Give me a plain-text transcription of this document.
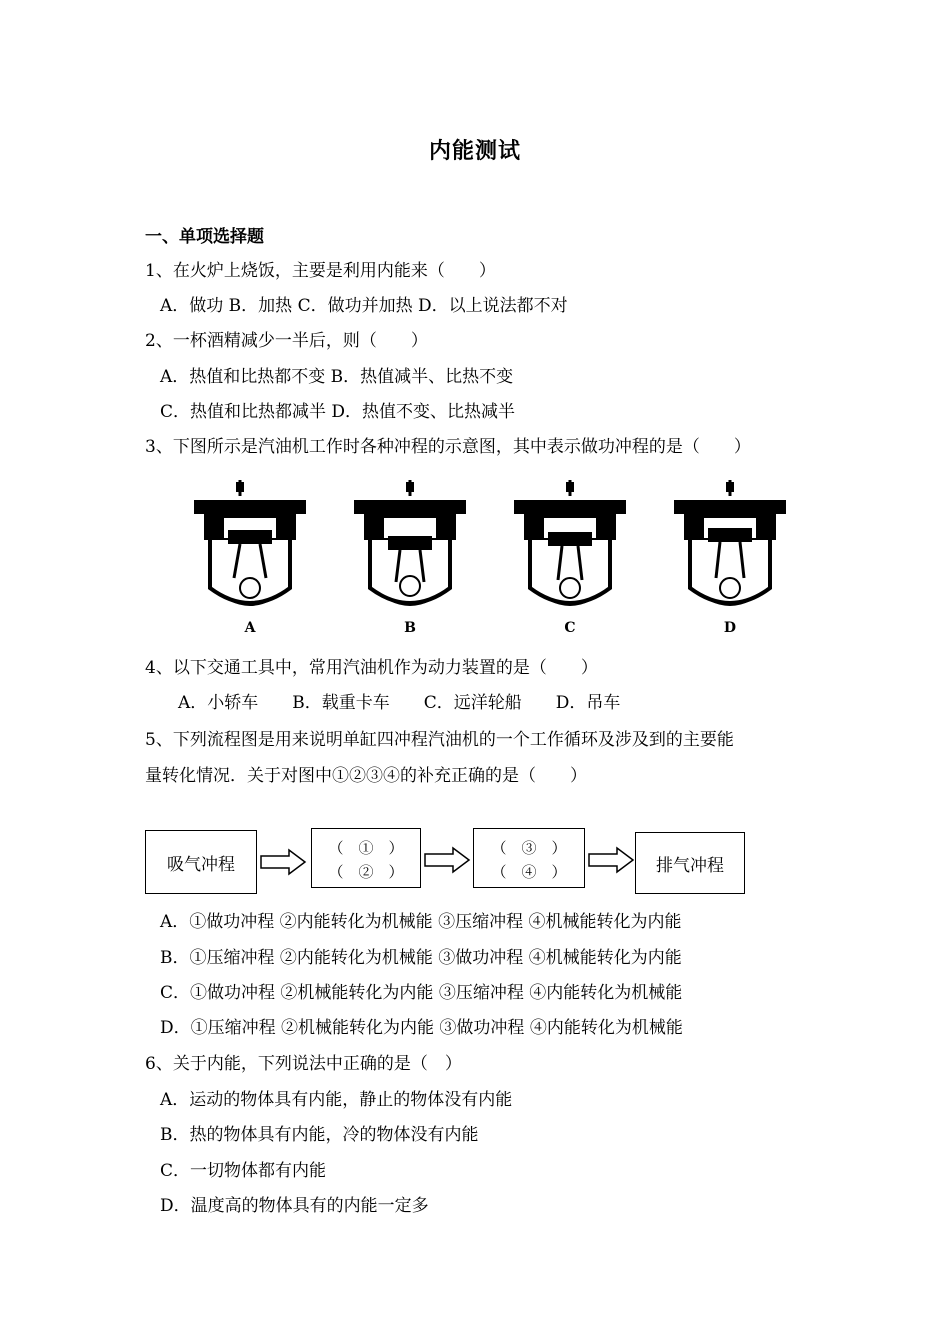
内能测试
一、单项选择题
1、在火炉上烧饭，主要是利用内能来（　　）
A．做功 B．加热 C．做功并加热 D．以上说法都不对
2、一杯酒精减少一半后，则（　　）
A．热值和比热都不变 B．热值减半、比热不变
C．热值和比热都减半 D．热值不变、比热减半
3、下图所示是汽油机工作时各种冲程的示意图，其中表示做功冲程的是（　　）
A	B	C	D
4、以下交通工具中，常用汽油机作为动力装置的是（　　）
A．小轿车　　B．载重卡车　　C．远洋轮船　　D．吊车
5、下列流程图是用来说明单缸四冲程汽油机的一个工作循环及涉及到的主要能
量转化情况．关于对图中①②③④的补充正确的是（　　）
吸气冲程
（　①　）
（　②　）
（　③　）
（　④　）	排气冲程
A．①做功冲程 ②内能转化为机械能 ③压缩冲程 ④机械能转化为内能
B．①压缩冲程 ②内能转化为机械能 ③做功冲程 ④机械能转化为内能
C．①做功冲程 ②机械能转化为内能 ③压缩冲程 ④内能转化为机械能
D．①压缩冲程 ②机械能转化为内能 ③做功冲程 ④内能转化为机械能
6、关于内能，下列说法中正确的是（　）
A．运动的物体具有内能，静止的物体没有内能
B．热的物体具有内能，冷的物体没有内能
C．一切物体都有内能
D．温度高的物体具有的内能一定多
